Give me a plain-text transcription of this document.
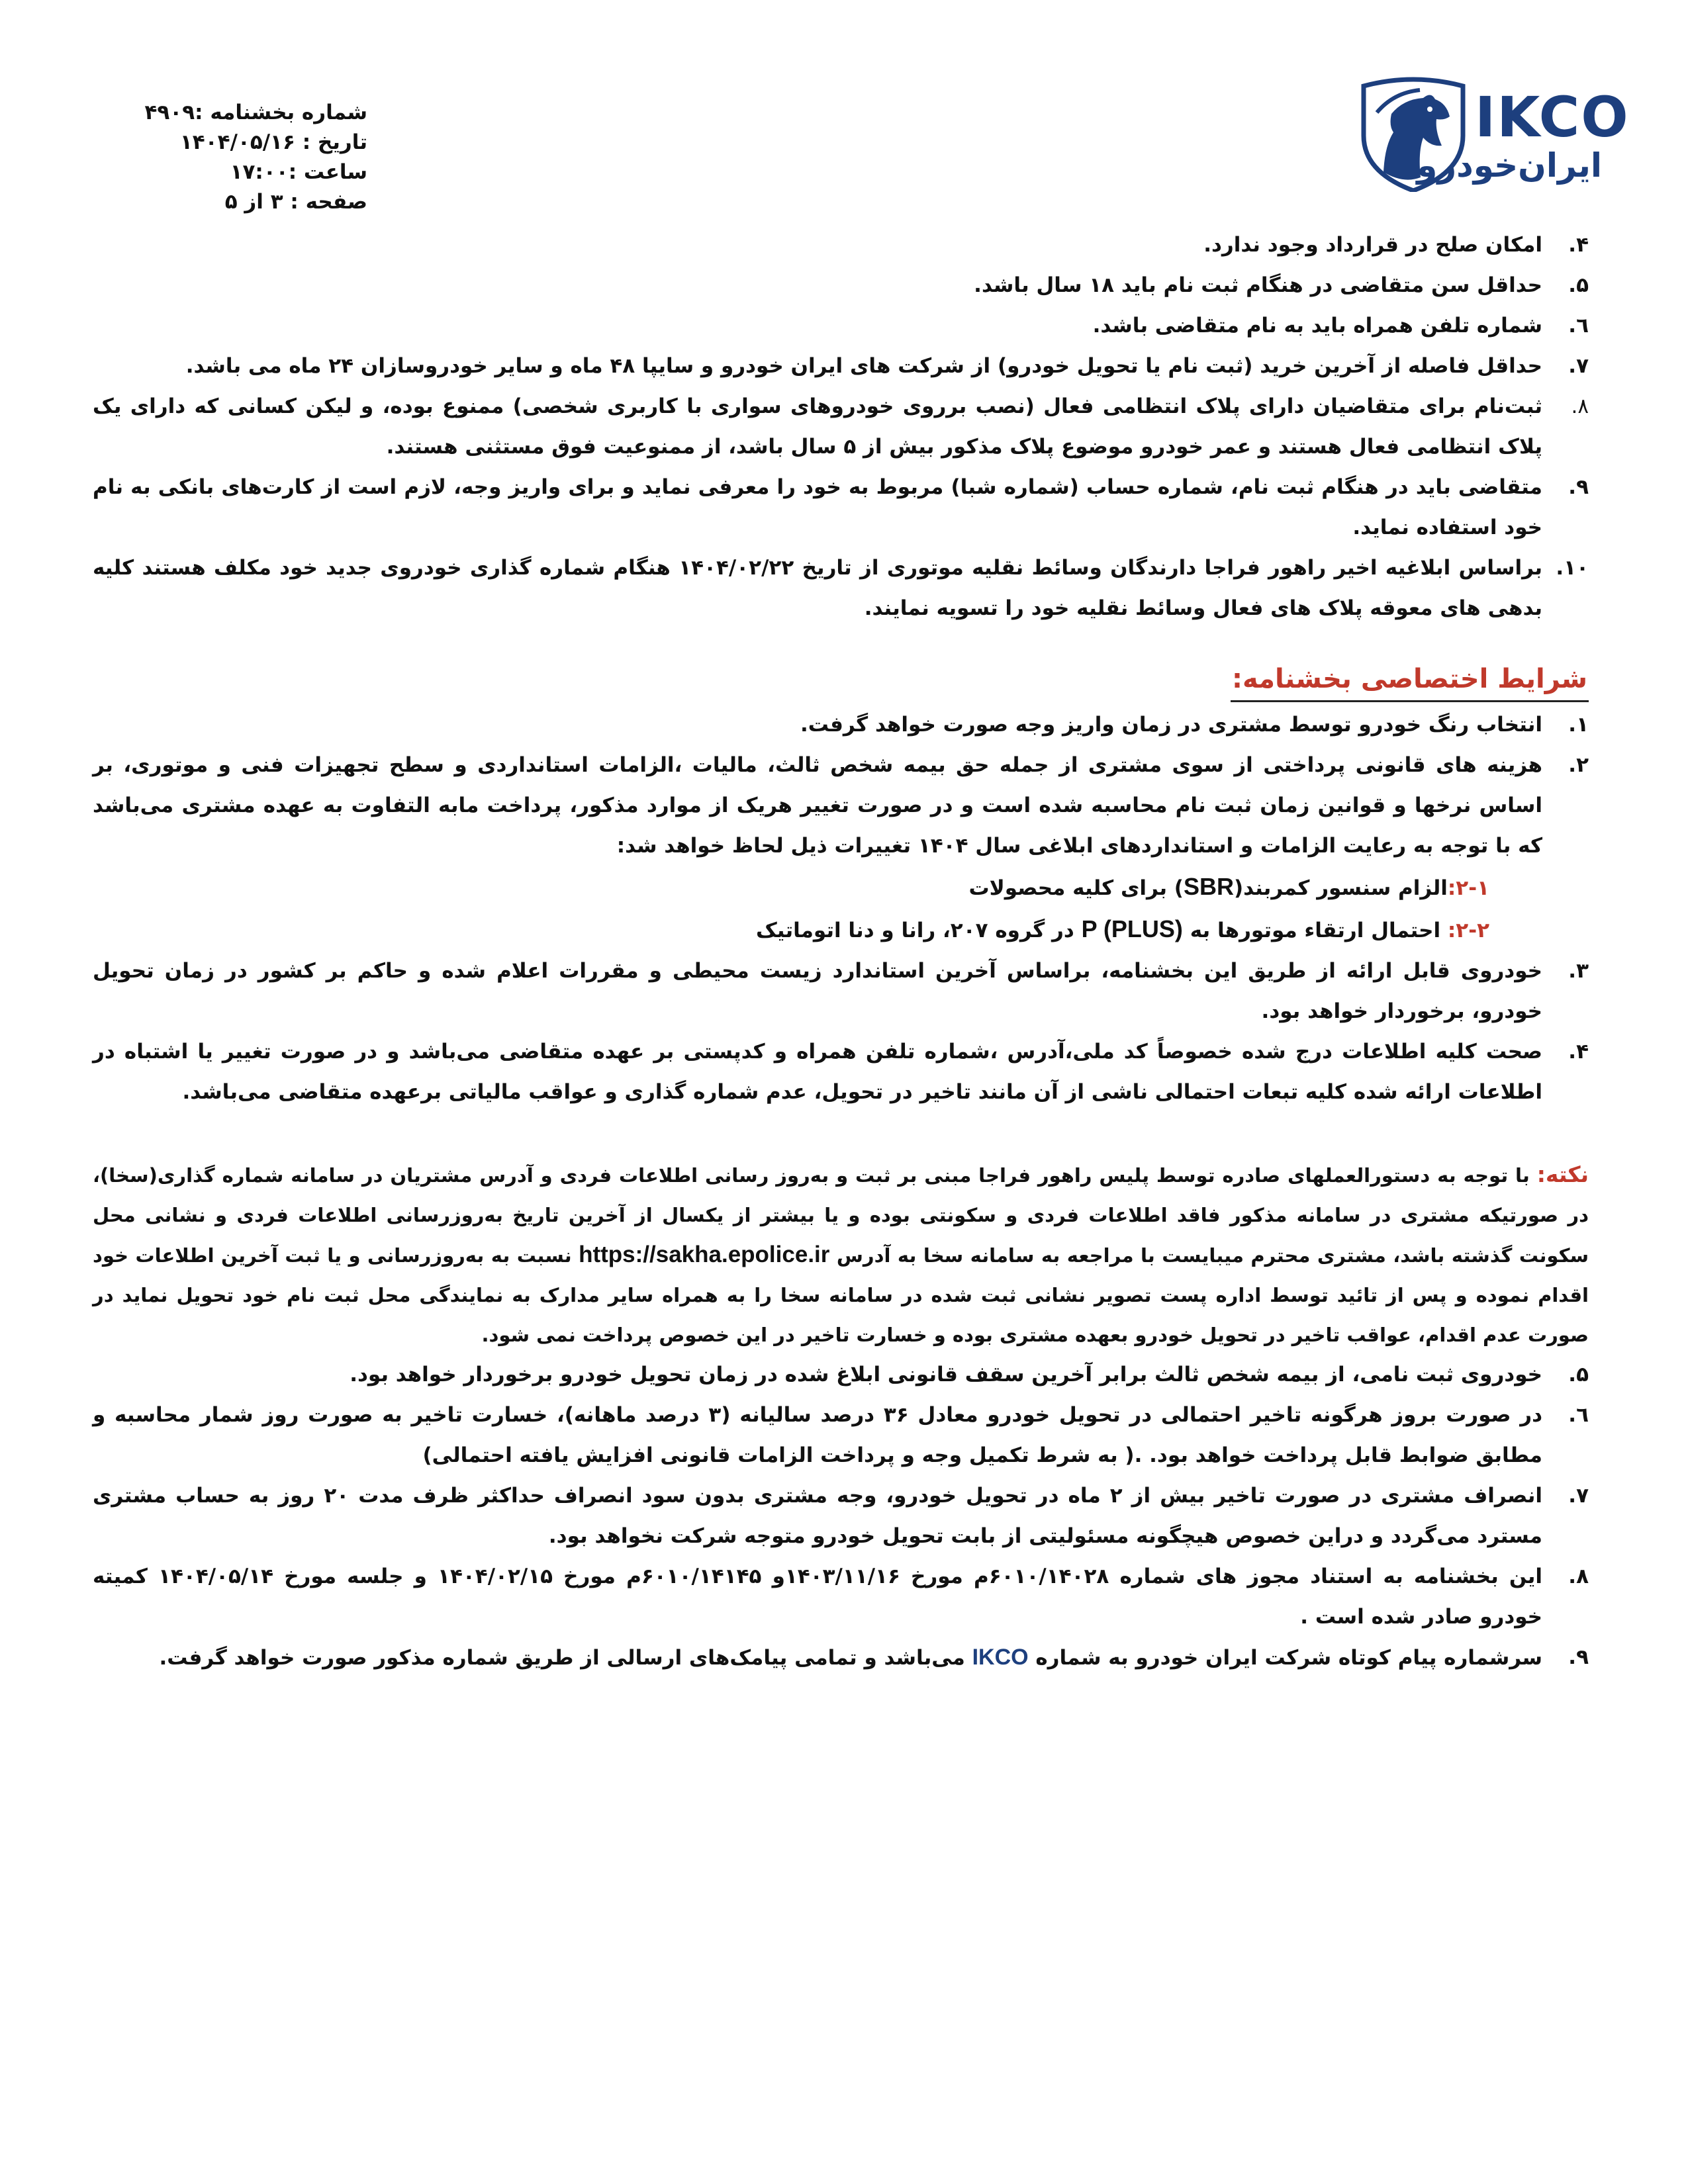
شماره بخشنامه :۴۹۰۹
تاریخ : ۱۴۰۴/۰۵/۱۶
ساعت :۱۷:۰۰
صفحه : ۳ از ۵
IKCO
ایران‌خودرو
۴.
امکان صلح در قرارداد وجود ندارد.
۵.
حداقل سن متقاضی در هنگام ثبت نام باید ۱۸ سال باشد.
٦.
شماره تلفن همراه باید به نام متقاضی باشد.
۷.
حداقل فاصله از آخرین خرید (ثبت نام یا تحویل خودرو) از شرکت های ایران خودرو و سایپا ۴۸ ماه و سایر خودروسازان ۲۴ ماه می باشد.
۸.
ثبت‌نام برای متقاضیان دارای پلاک انتظامی فعال (نصب برروی خودروهای سواری با کاربری شخصی) ممنوع بوده، و لیکن کسانی که دارای یک پلاک انتظامی فعال هستند و عمر خودرو موضوع پلاک مذکور بیش از ۵ سال باشد، از ممنوعیت فوق مستثنی هستند.
۹.
متقاضی باید در هنگام ثبت نام، شماره حساب (شماره شبا) مربوط به خود را معرفی نماید و برای واریز وجه، لازم است از کارت‌های بانکی به نام خود استفاده نماید.
۱۰.
براساس ابلاغیه اخیر راهور فراجا دارندگان وسائط نقلیه موتوری از تاریخ ۱۴۰۴/۰۲/۲۲ هنگام شماره گذاری خودروی جدید خود مکلف هستند کلیه بدهی های معوقه پلاک های فعال وسائط نقلیه خود را تسویه نمایند.
شرایط اختصاصی بخشنامه:
۱.
انتخاب رنگ خودرو توسط مشتری در زمان واریز وجه صورت خواهد گرفت.
۲.
هزینه های قانونی پرداختی از سوی مشتری از جمله حق بیمه شخص ثالث، مالیات ،الزامات استانداردی و سطح تجهیزات فنی و موتوری، بر اساس نرخها و قوانین زمان ثبت نام محاسبه شده است و در صورت تغییر هریک از موارد مذکور، پرداخت مابه التفاوت به عهده مشتری می‌باشد که با توجه به رعایت الزامات و استانداردهای ابلاغی سال ۱۴۰۴ تغییرات ذیل لحاظ خواهد شد:
۲-۱:الزام سنسور کمربند(SBR) برای کلیه محصولات
۲-۲: احتمال ارتقاء موتورها به P (PLUS) در گروه ۲۰۷، رانا و دنا اتوماتیک
۳.
خودروی قابل ارائه از طریق این بخشنامه، براساس آخرین استاندارد زیست محیطی و مقررات اعلام شده و حاکم بر کشور در زمان تحویل خودرو، برخوردار خواهد بود.
۴.
صحت کلیه اطلاعات درج شده خصوصاً کد ملی،آدرس ،شماره تلفن همراه و کدپستی بر عهده متقاضی می‌باشد و در صورت تغییر یا اشتباه در اطلاعات ارائه شده کلیه تبعات احتمالی ناشی از آن مانند تاخیر در تحویل، عدم شماره گذاری و عواقب مالیاتی برعهده متقاضی می‌باشد.
نکته: با توجه به دستورالعملهای صادره توسط پلیس راهور فراجا مبنی بر ثبت و به‌روز رسانی اطلاعات فردی و آدرس مشتریان در سامانه شماره گذاری(سخا)، در صورتیکه مشتری در سامانه مذکور فاقد اطلاعات فردی و سکونتی بوده و یا بیشتر از یکسال از آخرین تاریخ به‌روزرسانی اطلاعات فردی و نشانی محل سکونت گذشته باشد، مشتری محترم میبایست با مراجعه به سامانه سخا به آدرس https://sakha.epolice.ir نسبت به به‌روزرسانی و یا ثبت آخرین اطلاعات خود اقدام نموده و پس از تائید توسط اداره پست تصویر نشانی ثبت شده در سامانه سخا را به همراه سایر مدارک به نمایندگی محل ثبت نام خود تحویل نماید در صورت عدم اقدام، عواقب تاخیر در تحویل خودرو بعهده مشتری بوده و خسارت تاخیر در این خصوص پرداخت نمی شود.
۵.
خودروی ثبت نامی، از بیمه شخص ثالث برابر آخرین سقف قانونی ابلاغ شده در زمان تحویل خودرو برخوردار خواهد بود.
٦.
در صورت بروز هرگونه تاخیر احتمالی در تحویل خودرو معادل ۳۶ درصد سالیانه (۳ درصد ماهانه)، خسارت تاخیر به صورت روز شمار محاسبه و مطابق ضوابط قابل پرداخت خواهد بود. .( به شرط تکمیل وجه و پرداخت الزامات قانونی افزایش یافته احتمالی)
۷.
انصراف مشتری در صورت تاخیر بیش از ۲ ماه در تحویل خودرو، وجه مشتری بدون سود انصراف حداکثر ظرف مدت ۲۰ روز به حساب مشتری مسترد می‌گردد و دراین خصوص هیچگونه مسئولیتی از بابت تحویل خودرو متوجه شرکت نخواهد بود.
۸.
این بخشنامه به استناد مجوز های شماره ۶۰۱۰/۱۴۰۲۸م مورخ ۱۴۰۳/۱۱/۱۶و ۶۰۱۰/۱۴۱۴۵م مورخ ۱۴۰۴/۰۲/۱۵ و جلسه مورخ ۱۴۰۴/۰۵/۱۴ کمیته خودرو صادر شده است .
۹.
سرشماره پیام کوتاه شرکت ایران خودرو به شماره IKCO می‌باشد و تمامی پیامک‌های ارسالی از طریق شماره مذکور صورت خواهد گرفت.
